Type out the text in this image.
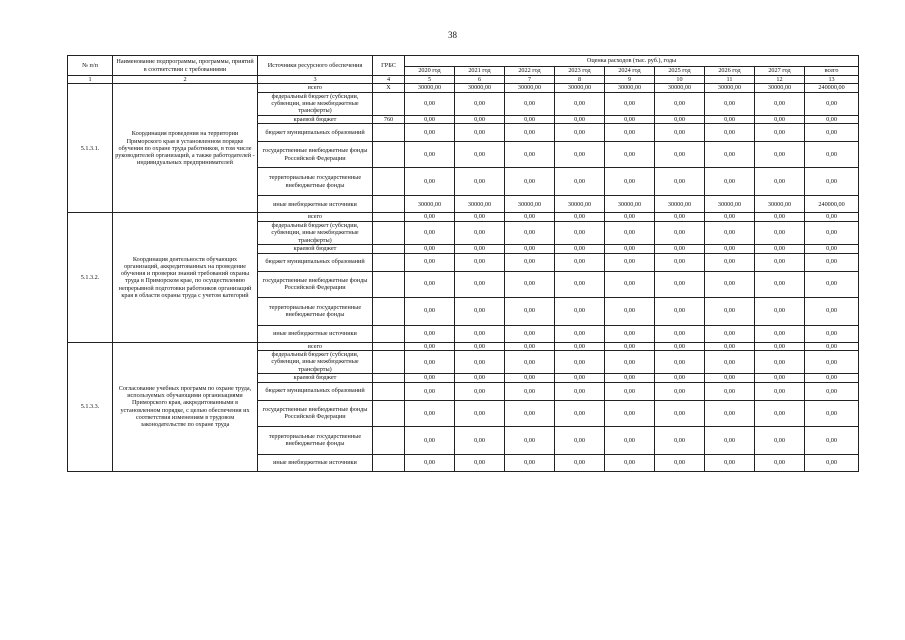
38
№ п/п	Наименование подпрограммы, программы, приятий в соответствии с требованиями	Источники ресурсного обеспечения	ГРБС	Оценка расходов (тыс. руб.), годы								
				2020 год	2021 год	2022 год	2023 год	2024 год	2025 год	2026 год	2027 год	всего
1	2	3	4	5	6	7	8	9	10	11	12	13
5.1.3.1.	Координация проведения на территории Приморского края в установленном порядке обучения по охране труда работников, в том числе руководителей организаций, а также работодателей - индивидуальных предпринимателей	всего	X	30000,00	30000,00	30000,00	30000,00	30000,00	30000,00	30000,00	30000,00	240000,00
		федеральный бюджет (субсидии, субвенции, иные межбюджетные трансферты)		0,00	0,00	0,00	0,00	0,00	0,00	0,00	0,00	0,00
		краевой бюджет	760	0,00	0,00	0,00	0,00	0,00	0,00	0,00	0,00	0,00
		бюджет муниципальных образований		0,00	0,00	0,00	0,00	0,00	0,00	0,00	0,00	0,00
		государственные внебюджетные фонды Российской Федерации		0,00	0,00	0,00	0,00	0,00	0,00	0,00	0,00	0,00
		территориальные государственные внебюджетные фонды		0,00	0,00	0,00	0,00	0,00	0,00	0,00	0,00	0,00
		иные внебюджетные источники		30000,00	30000,00	30000,00	30000,00	30000,00	30000,00	30000,00	30000,00	240000,00
5.1.3.2.	Координация деятельности обучающих организаций, аккредитованных на проведение обучения и проверки знаний требований охраны труда в Приморском крае, по осуществлению непрерывной подготовки работников организаций края в области охраны труда с учетом категорий	всего		0,00	0,00	0,00	0,00	0,00	0,00	0,00	0,00	0,00
		федеральный бюджет (субсидии, субвенции, иные межбюджетные трансферты)		0,00	0,00	0,00	0,00	0,00	0,00	0,00	0,00	0,00
		краевой бюджет		0,00	0,00	0,00	0,00	0,00	0,00	0,00	0,00	0,00
		бюджет муниципальных образований		0,00	0,00	0,00	0,00	0,00	0,00	0,00	0,00	0,00
		государственные внебюджетные фонды Российской Федерации		0,00	0,00	0,00	0,00	0,00	0,00	0,00	0,00	0,00
		территориальные государственные внебюджетные фонды		0,00	0,00	0,00	0,00	0,00	0,00	0,00	0,00	0,00
		иные внебюджетные источники		0,00	0,00	0,00	0,00	0,00	0,00	0,00	0,00	0,00
5.1.3.3.	Согласование учебных программ по охране труда, используемых обучающими организациями Приморского края, аккредитованными в установленном порядке, с целью обеспечения их соответствия изменениям в трудовом законодательстве по охране труда	всего		0,00	0,00	0,00	0,00	0,00	0,00	0,00	0,00	0,00
		федеральный бюджет (субсидии, субвенции, иные межбюджетные трансферты)		0,00	0,00	0,00	0,00	0,00	0,00	0,00	0,00	0,00
		краевой бюджет		0,00	0,00	0,00	0,00	0,00	0,00	0,00	0,00	0,00
		бюджет муниципальных образований		0,00	0,00	0,00	0,00	0,00	0,00	0,00	0,00	0,00
		государственные внебюджетные фонды Российской Федерации		0,00	0,00	0,00	0,00	0,00	0,00	0,00	0,00	0,00
		территориальные государственные внебюджетные фонды		0,00	0,00	0,00	0,00	0,00	0,00	0,00	0,00	0,00
		иные внебюджетные источники		0,00	0,00	0,00	0,00	0,00	0,00	0,00	0,00	0,00
